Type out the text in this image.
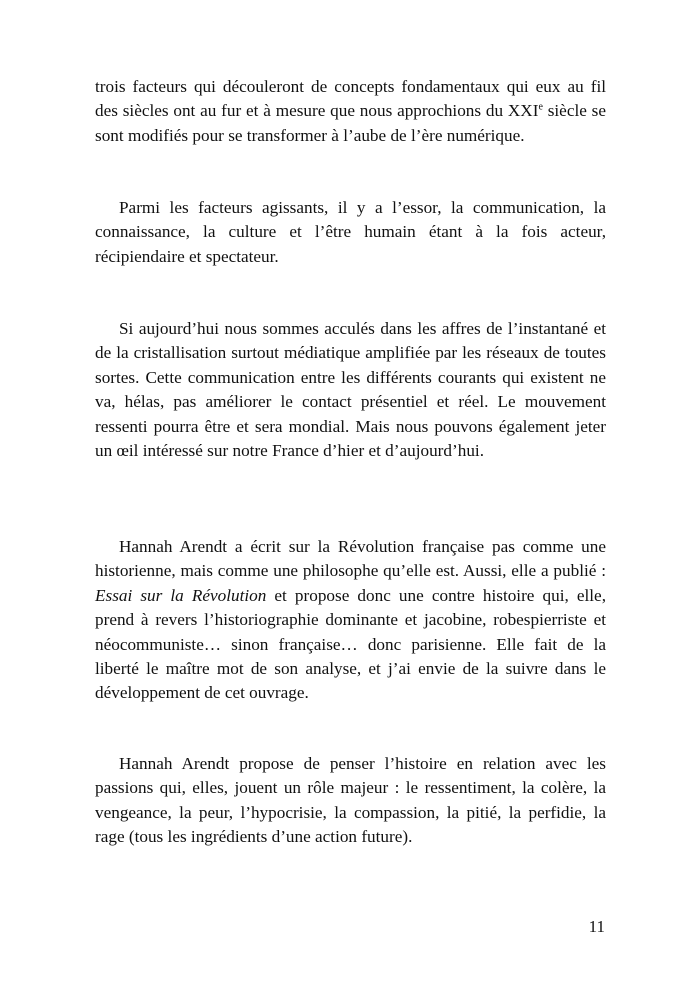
trois facteurs qui découleront de concepts fondamentaux qui eux au fil des siècles ont au fur et à mesure que nous approchions du XXIe siècle se sont modifiés pour se transformer à l’aube de l’ère numérique.

Parmi les facteurs agissants, il y a l’essor, la communication, la connaissance, la culture et l’être humain étant à la fois acteur, récipiendaire et spectateur.

Si aujourd’hui nous sommes acculés dans les affres de l’instantané et de la cristallisation surtout médiatique amplifiée par les réseaux de toutes sortes. Cette communication entre les différents courants qui existent ne va, hélas, pas améliorer le contact présentiel et réel. Le mouvement ressenti pourra être et sera mondial. Mais nous pouvons également jeter un œil intéressé sur notre France d’hier et d’aujourd’hui.

Hannah Arendt a écrit sur la Révolution française pas comme une historienne, mais comme une philosophe qu’elle est. Aussi, elle a publié : Essai sur la Révolution et propose donc une contre histoire qui, elle, prend à revers l’historiographie dominante et jacobine, robespierriste et néocommuniste… sinon française… donc parisienne. Elle fait de la liberté le maître mot de son analyse, et j’ai envie de la suivre dans le développement de cet ouvrage.

Hannah Arendt propose de penser l’histoire en relation avec les passions qui, elles, jouent un rôle majeur : le ressentiment, la colère, la vengeance, la peur, l’hypocrisie, la compassion, la pitié, la perfidie, la rage (tous les ingrédients d’une action future).

11
